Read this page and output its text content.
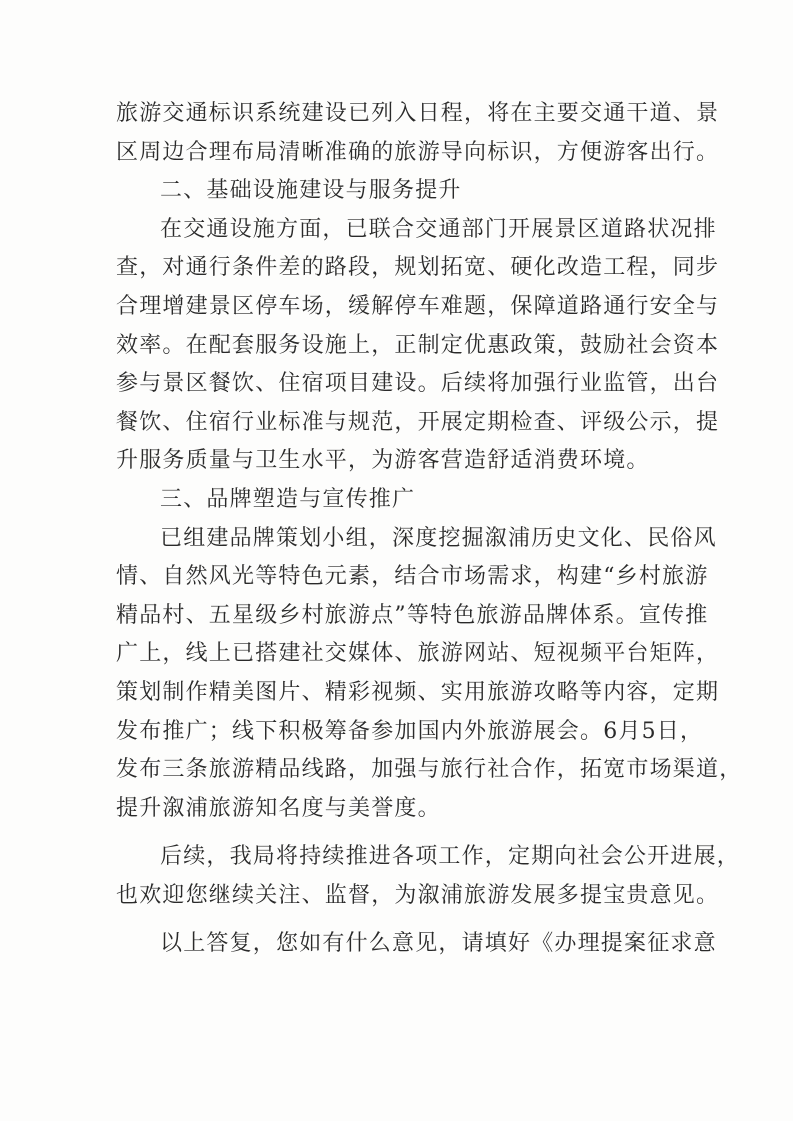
旅游交通标识系统建设已列入日程，将在主要交通干道、景
区周边合理布局清晰准确的旅游导向标识，方便游客出行。
二、基础设施建设与服务提升
在交通设施方面，已联合交通部门开展景区道路状况排
查，对通行条件差的路段，规划拓宽、硬化改造工程，同步
合理增建景区停车场，缓解停车难题，保障道路通行安全与
效率。在配套服务设施上，正制定优惠政策，鼓励社会资本
参与景区餐饮、住宿项目建设。后续将加强行业监管，出台
餐饮、住宿行业标准与规范，开展定期检查、评级公示，提
升服务质量与卫生水平，为游客营造舒适消费环境。
三、品牌塑造与宣传推广
已组建品牌策划小组，深度挖掘溆浦历史文化、民俗风
情、自然风光等特色元素，结合市场需求，构建“乡村旅游
精品村、五星级乡村旅游点”等特色旅游品牌体系。宣传推
广上，线上已搭建社交媒体、旅游网站、短视频平台矩阵，
策划制作精美图片、精彩视频、实用旅游攻略等内容，定期
发布推广；线下积极筹备参加国内外旅游展会。6月5日，
发布三条旅游精品线路，加强与旅行社合作，拓宽市场渠道，
提升溆浦旅游知名度与美誉度。
后续，我局将持续推进各项工作，定期向社会公开进展，
也欢迎您继续关注、监督，为溆浦旅游发展多提宝贵意见。
以上答复，您如有什么意见，请填好《办理提案征求意
